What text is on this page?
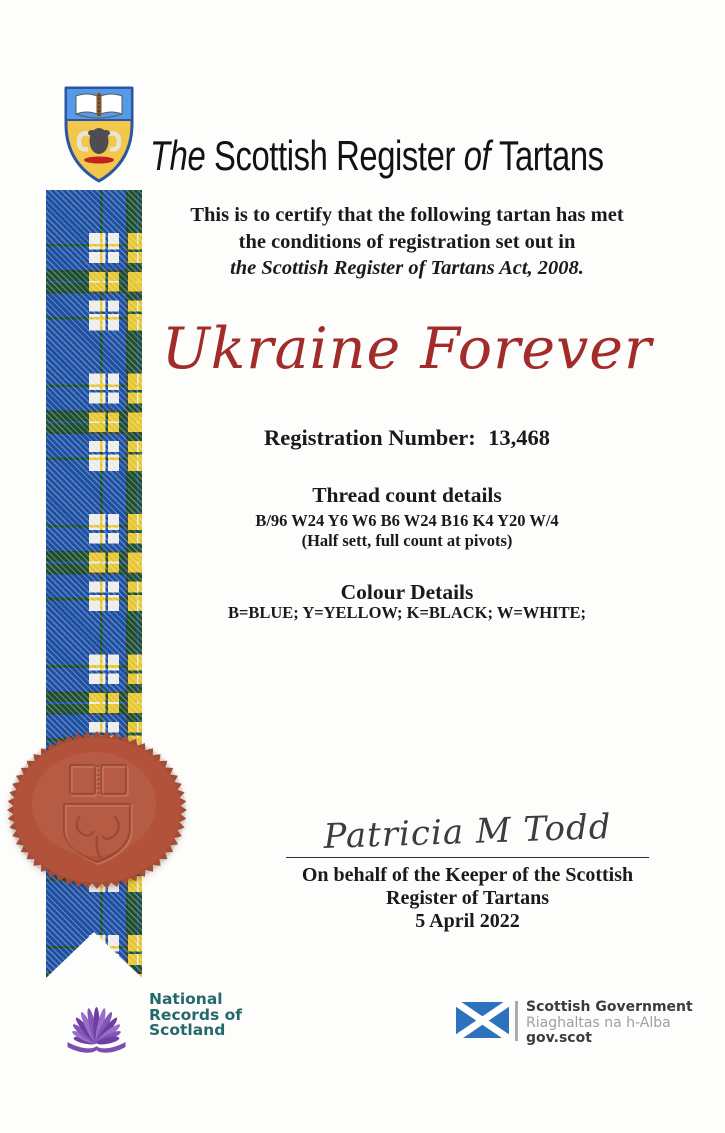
The Scottish Register of Tartans
This is to certify that the following tartan has met
the conditions of registration set out in
the Scottish Register of Tartans Act, 2008.
Ukraine Forever
Registration Number: 13,468
Thread count details
B/96 W24 Y6 W6 B6 W24 B16 K4 Y20 W/4
(Half sett, full count at pivots)
Colour Details
B=BLUE; Y=YELLOW; K=BLACK; W=WHITE;
Patricia M Todd
On behalf of the Keeper of the Scottish
Register of Tartans
5 April 2022
National
Records of
Scotland
Scottish Government
Riaghaltas na h-Alba
gov.scot
